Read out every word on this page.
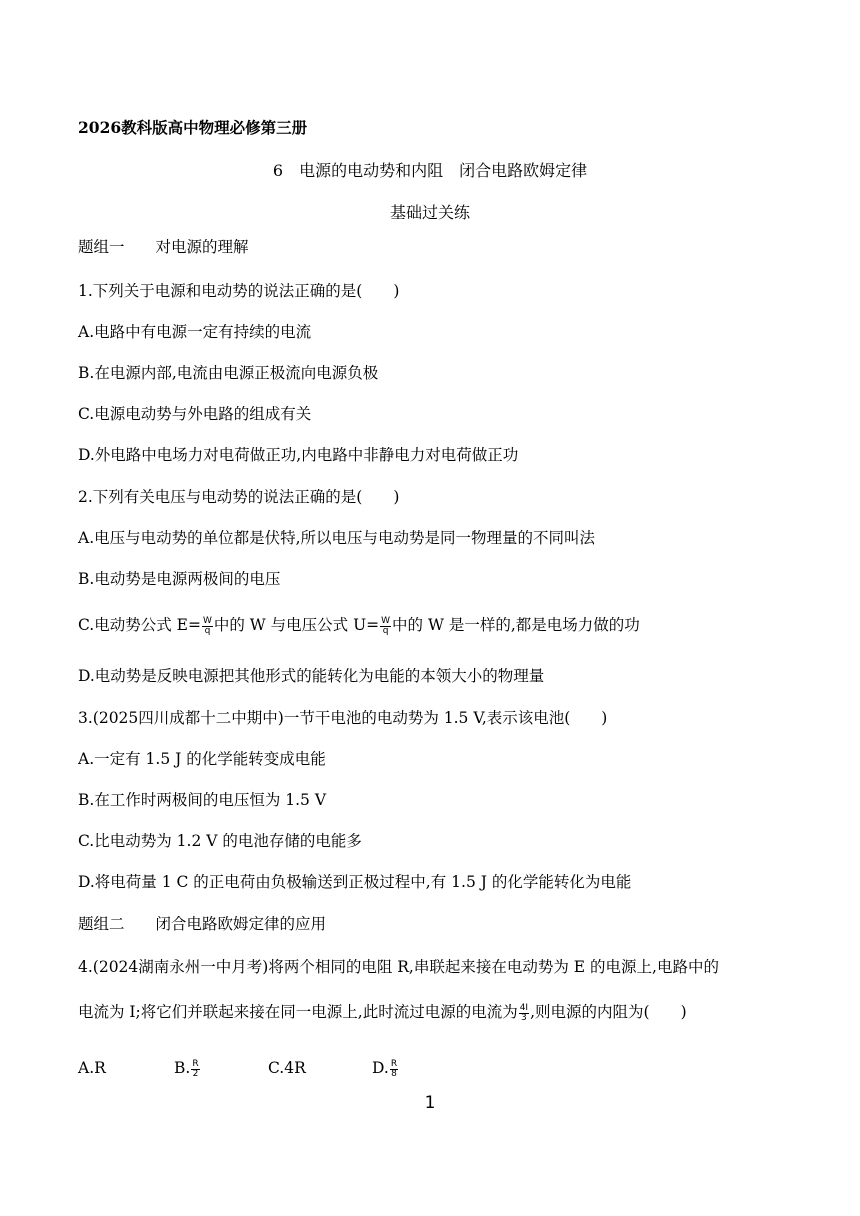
2026教科版高中物理必修第三册
6　电源的电动势和内阻　闭合电路欧姆定律
基础过关练
题组一　　对电源的理解
1.下列关于电源和电动势的说法正确的是(　　)
A.电路中有电源一定有持续的电流
B.在电源内部,电流由电源正极流向电源负极
C.电源电动势与外电路的组成有关
D.外电路中电场力对电荷做正功,内电路中非静电力对电荷做正功
2.下列有关电压与电动势的说法正确的是(　　)
A.电压与电动势的单位都是伏特,所以电压与电动势是同一物理量的不同叫法
B.电动势是电源两极间的电压
C.电动势公式 $E= \frac{W}{q}$ 中的 W 与电压公式 $U= \frac{W}{q}$ 中的 W 是一样的,都是电场力做的功
D.电动势是反映电源把其他形式的能转化为电能的本领大小的物理量
3.(2025四川成都十二中期中)一节干电池的电动势为 1.5 V,表示该电池(　　)
A.一定有 1.5 J 的化学能转变成电能
B.在工作时两极间的电压恒为 1.5 V
C.比电动势为 1.2 V 的电池存储的电能多
D.将电荷量 1 C 的正电荷由负极输送到正极过程中,有 1.5 J 的化学能转化为电能
题组二　　闭合电路欧姆定律的应用
4.(2024湖南永州一中月考)将两个相同的电阻 R,串联起来接在电动势为 E 的电源上,电路中的
电流为 I;将它们并联起来接在同一电源上,此时流过电源的电流为 $\frac{4I}{3}$ ,则电源的内阻为(　　)
A.R	B. $\frac{R}{2}$	C.4R	D. $\frac{R}{8}$
1
